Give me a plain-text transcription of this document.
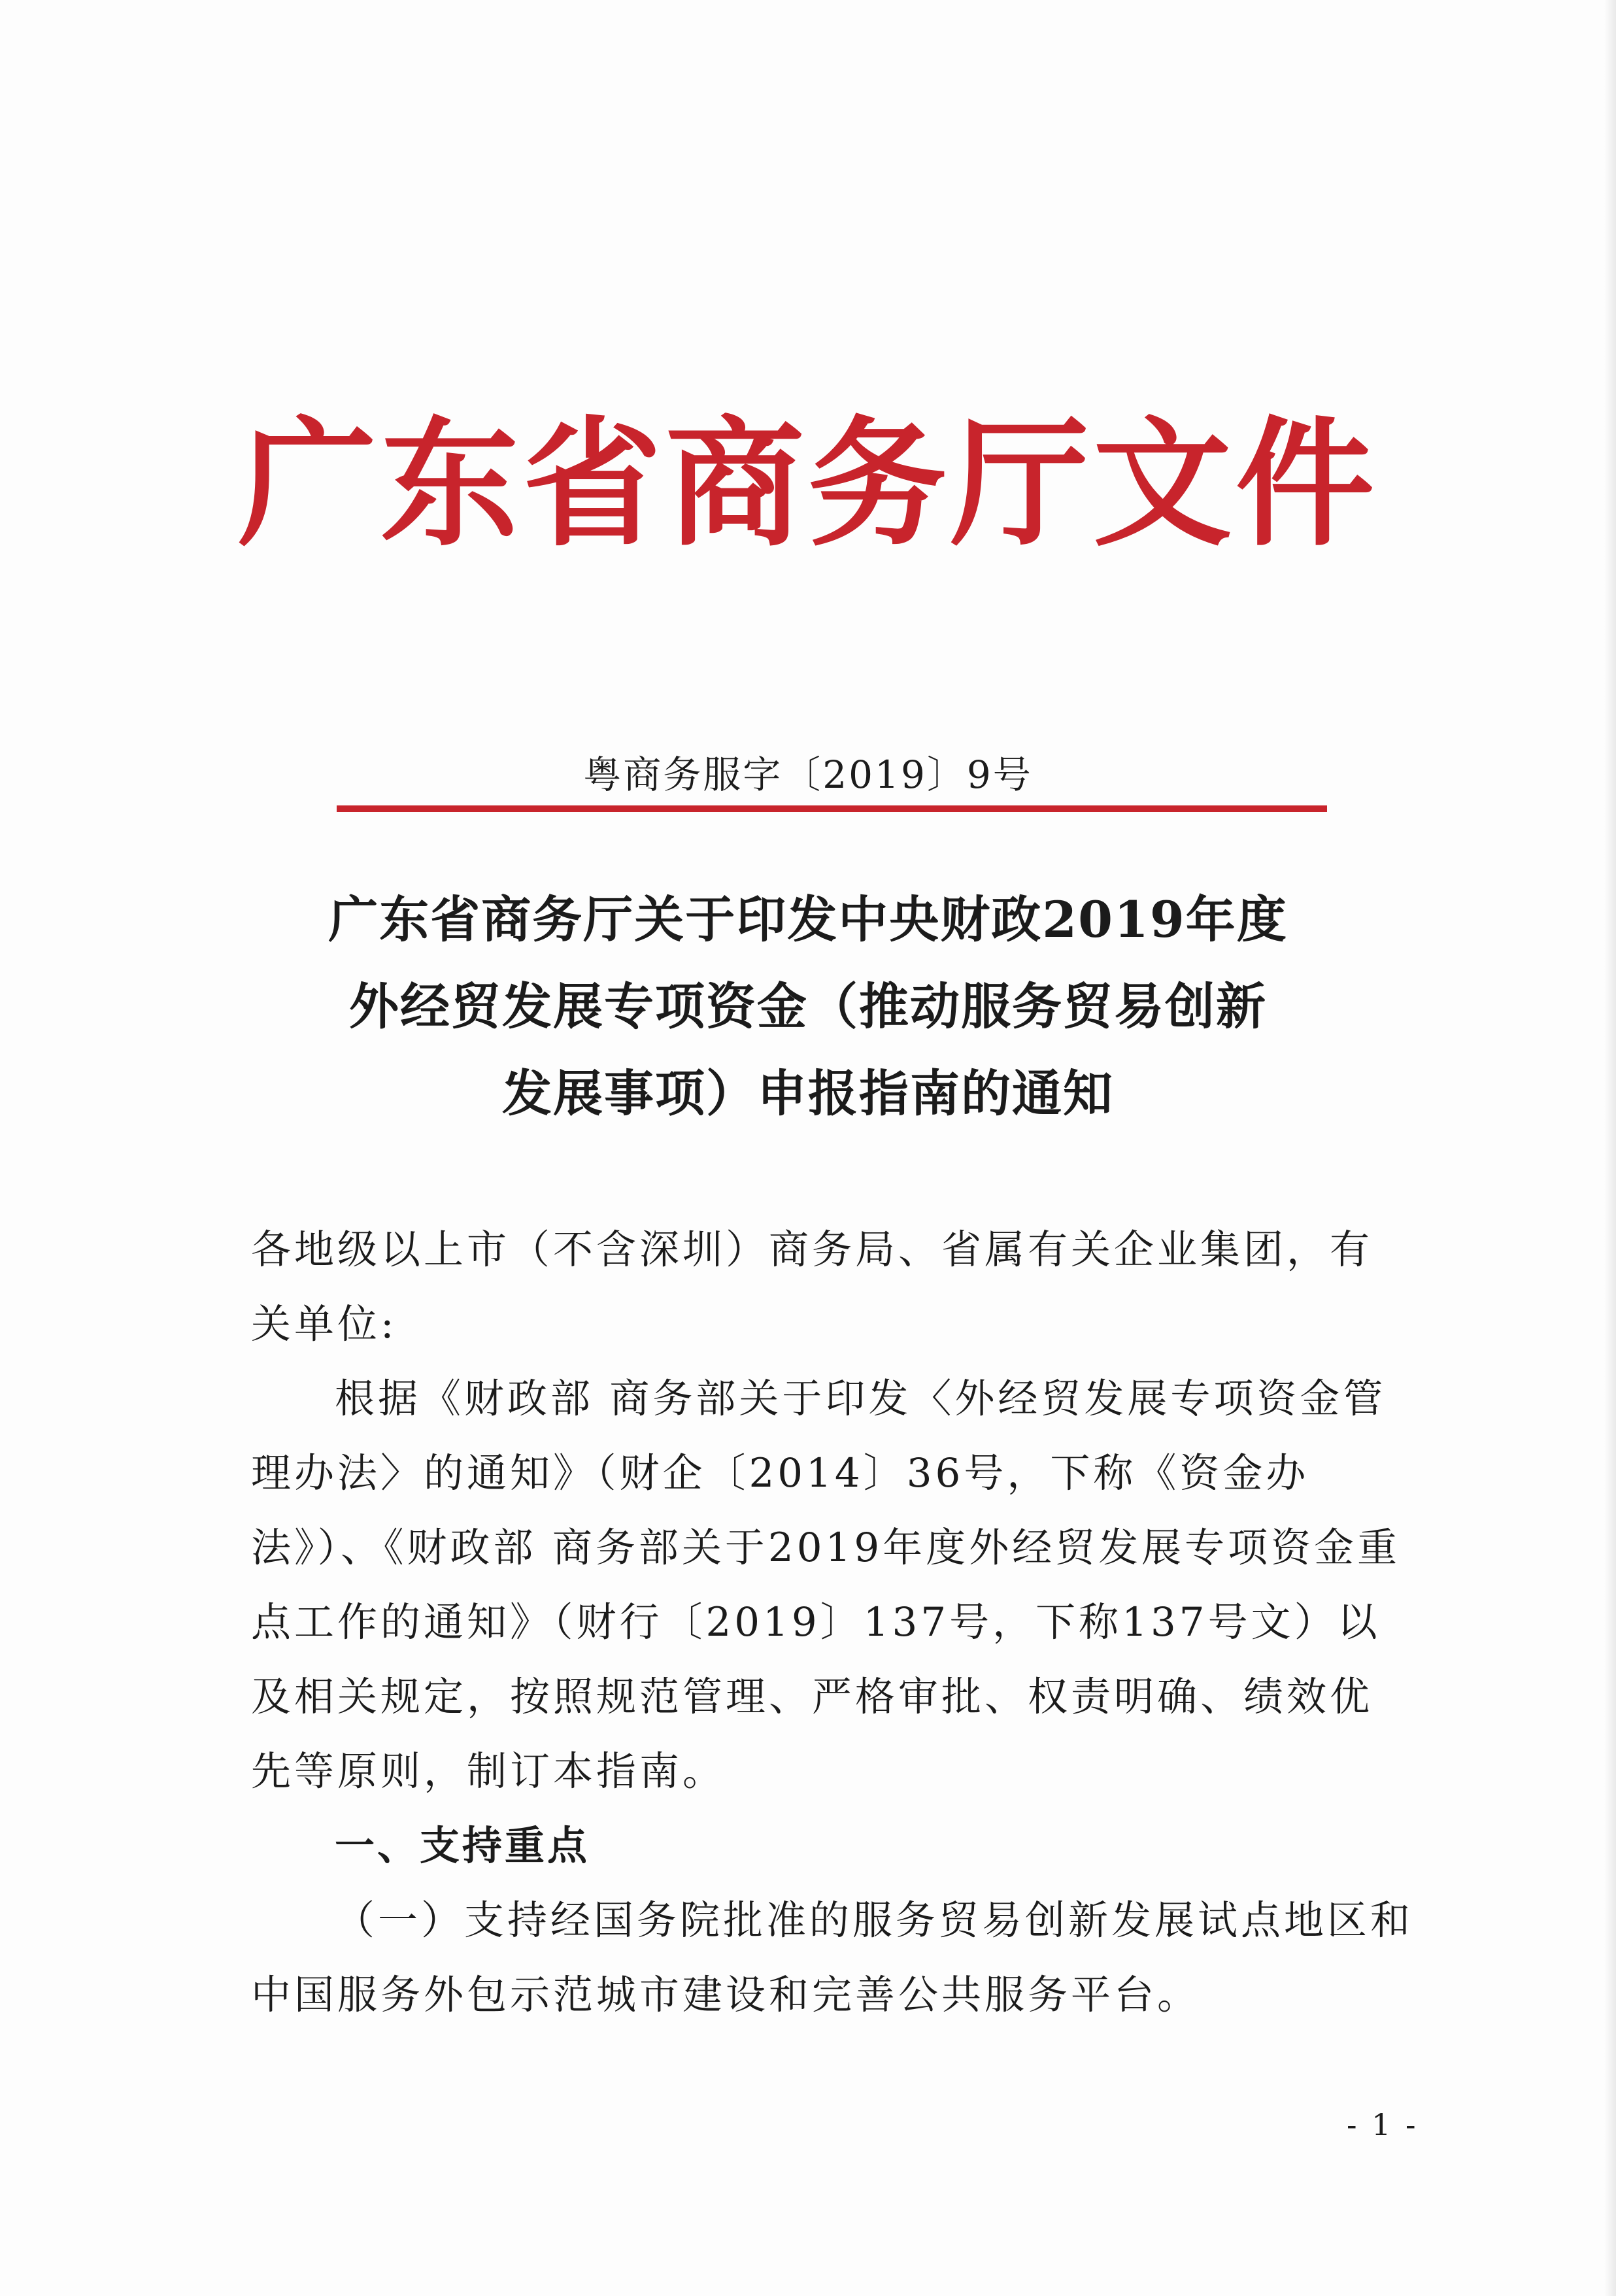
广东省商务厅文件
粤商务服字〔2019〕9号
广东省商务厅关于印发中央财政2019年度
外经贸发展专项资金（推动服务贸易创新
发展事项）申报指南的通知

各地级以上市（不含深圳）商务局、省属有关企业集团，有关单位:

根据《财政部 商务部关于印发〈外经贸发展专项资金管理办法〉的通知》（财企〔2014〕36号，下称《资金办法》）、《财政部 商务部关于2019年度外经贸发展专项资金重点工作的通知》（财行〔2019〕137号，下称137号文）以及相关规定，按照规范管理、严格审批、权责明确、绩效优先等原则，制订本指南。

一、支持重点

（一）支持经国务院批准的服务贸易创新发展试点地区和中国服务外包示范城市建设和完善公共服务平台。

- 1 -
